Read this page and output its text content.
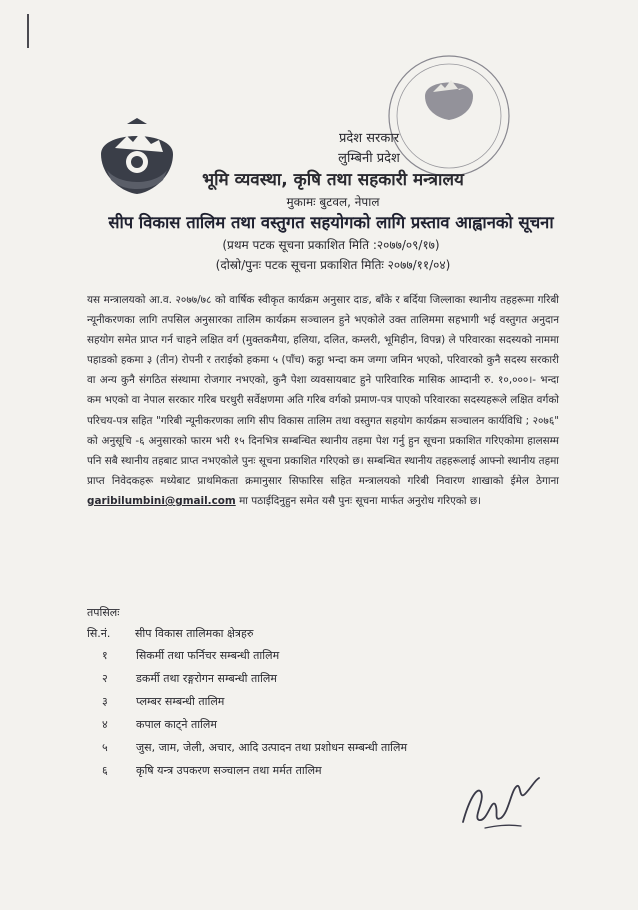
प्रदेश सरकार
लुम्बिनी प्रदेश
भूमि व्यवस्था, कृषि तथा सहकारी मन्त्रालय
मुकामः बुटवल, नेपाल
सीप विकास तालिम तथा वस्तुगत सहयोगको लागि प्रस्ताव आह्वानको सूचना
(प्रथम पटक सूचना प्रकाशित मिति :२०७७/०९/१७)
(दोस्रो/पुनः पटक सूचना प्रकाशित मितिः २०७७/११/०४)
यस मन्त्रालयको आ.व. २०७७/७८ को वार्षिक स्वीकृत कार्यक्रम अनुसार दाङ, बाँके र बर्दिया जिल्लाका स्थानीय तहहरूमा गरिबी न्यूनीकरणका लागि तपसिल अनुसारका तालिम कार्यक्रम सञ्चालन हुने भएकोले उक्त तालिममा सहभागी भई वस्तुगत अनुदान सहयोग समेत प्राप्त गर्न चाहने लक्षित वर्ग (मुक्तकमैया, हलिया, दलित, कम्लरी, भूमिहीन, विपन्न) ले परिवारका सदस्यको नाममा पहाडको हकमा ३ (तीन) रोपनी र तराईको हकमा ५ (पाँच) कट्ठा भन्दा कम जग्गा जमिन भएको, परिवारको कुनै सदस्य सरकारी वा अन्य कुनै संगठित संस्थामा रोजगार नभएको, कुनै पेशा व्यवसायबाट हुने पारिवारिक मासिक आम्दानी रु. १०,०००।- भन्दा कम भएको वा नेपाल सरकार गरिब घरधुरी सर्वेक्षणमा अति गरिब वर्गको प्रमाण-पत्र पाएको परिवारका सदस्यहरूले लक्षित वर्गको परिचय-पत्र सहित "गरिबी न्यूनीकरणका लागि सीप विकास तालिम तथा वस्तुगत सहयोग कार्यक्रम सञ्चालन कार्यविधि ; २०७६" को अनुसूचि -६ अनुसारको फारम भरी १५ दिनभित्र सम्बन्धित स्थानीय तहमा पेश गर्नु हुन सूचना प्रकाशित गरिएकोमा हालसम्म पनि सबै स्थानीय तहबाट प्राप्त नभएकोले पुनः सूचना प्रकाशित गरिएको छ। सम्बन्धित स्थानीय तहहरूलाई आफ्नो स्थानीय तहमा प्राप्त निवेदकहरू मध्येबाट प्राथमिकता क्रमानुसार सिफारिस सहित मन्त्रालयको गरिबी निवारण शाखाको ईमेल ठेगाना garibilumbini@gmail.com मा पठाईदिनुहुन समेत यसै पुनः सूचना मार्फत अनुरोध गरिएको छ।
तपसिलः
सि.नं. सीप विकास तालिमका क्षेत्रहरु
१	सिकर्मी तथा फर्निचर सम्बन्धी तालिम
२	डकर्मी तथा रङ्गरोगन सम्बन्धी तालिम
३	प्लम्बर सम्बन्धी तालिम
४	कपाल काट्ने तालिम
५	जुस, जाम, जेली, अचार, आदि उत्पादन तथा प्रशोधन सम्बन्धी तालिम
६	कृषि यन्त्र उपकरण सञ्चालन तथा मर्मत तालिम
